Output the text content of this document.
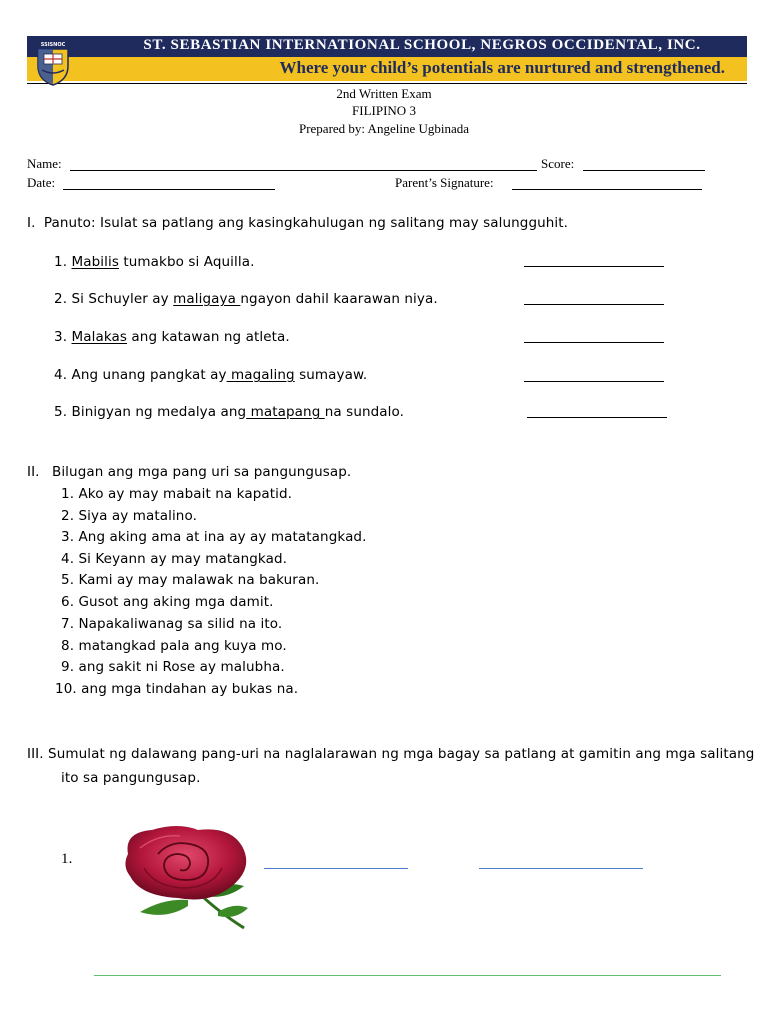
ST. SEBASTIAN INTERNATIONAL SCHOOL, NEGROS OCCIDENTAL, INC.
Where your child’s potentials are nurtured and strengthened.
SSISNOC
2nd Written Exam
FILIPINO 3
Prepared by: Angeline Ugbinada
Name:	Score:
Date:	Parent’s Signature:
I. Panuto: Isulat sa patlang ang kasingkahulugan ng salitang may salungguhit.
1. Mabilis tumakbo si Aquilla.
2. Si Schuyler ay maligaya ngayon dahil kaarawan niya.
3. Malakas ang katawan ng atleta.
4. Ang unang pangkat ay magaling sumayaw.
5. Binigyan ng medalya ang matapang na sundalo.
II. Bilugan ang mga pang uri sa pangungusap.
1. Ako ay may mabait na kapatid.
2. Siya ay matalino.
3. Ang aking ama at ina ay ay matatangkad.
4. Si Keyann ay may matangkad.
5. Kami ay may malawak na bakuran.
6. Gusot ang aking mga damit.
7. Napakaliwanag sa silid na ito.
8. matangkad pala ang kuya mo.
9. ang sakit ni Rose ay malubha.
10. ang mga tindahan ay bukas na.
III. Sumulat ng dalawang pang-uri na naglalarawan ng mga bagay sa patlang at gamitin ang mga salitang
ito sa pangungusap.
1.
